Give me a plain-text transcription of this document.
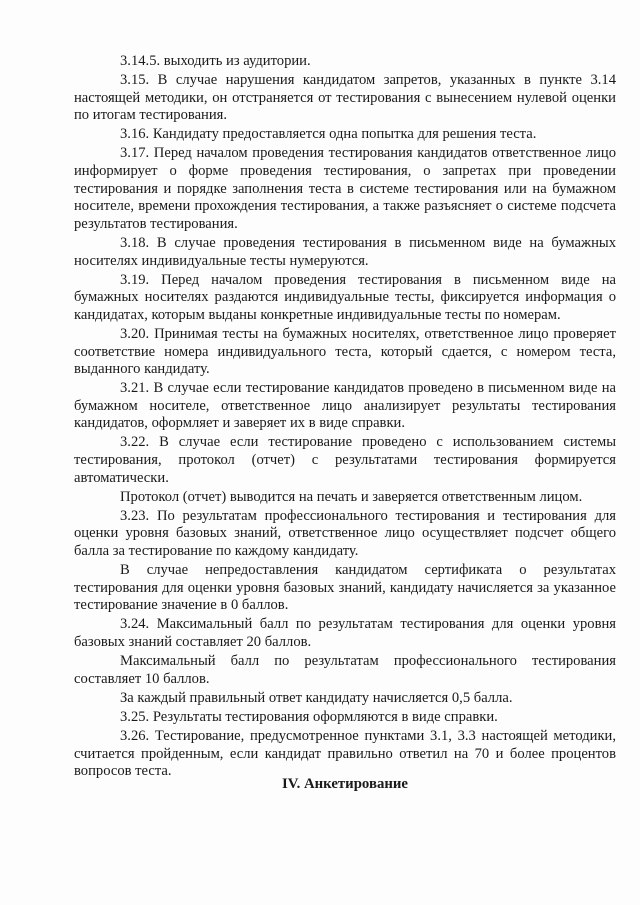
3.14.5. выходить из аудитории.

3.15. В случае нарушения кандидатом запретов, указанных в пункте 3.14 настоящей методики, он отстраняется от тестирования с вынесением нулевой оценки по итогам тестирования.

3.16. Кандидату предоставляется одна попытка для решения теста.

3.17. Перед началом проведения тестирования кандидатов ответственное лицо информирует о форме проведения тестирования, о запретах при проведении тестирования и порядке заполнения теста в системе тестирования или на бумажном носителе, времени прохождения тестирования, а также разъясняет о системе подсчета результатов тестирования.

3.18. В случае проведения тестирования в письменном виде на бумажных носителях индивидуальные тесты нумеруются.

3.19. Перед началом проведения тестирования в письменном виде на бумажных носителях раздаются индивидуальные тесты, фиксируется информация о кандидатах, которым выданы конкретные индивидуальные тесты по номерам.

3.20. Принимая тесты на бумажных носителях, ответственное лицо проверяет соответствие номера индивидуального теста, который сдается, с номером теста, выданного кандидату.

3.21. В случае если тестирование кандидатов проведено в письменном виде на бумажном носителе, ответственное лицо анализирует результаты тестирования кандидатов, оформляет и заверяет их в виде справки.

3.22. В случае если тестирование проведено с использованием системы тестирования, протокол (отчет) с результатами тестирования формируется автоматически.

Протокол (отчет) выводится на печать и заверяется ответственным лицом.

3.23. По результатам профессионального тестирования и тестирования для оценки уровня базовых знаний, ответственное лицо осуществляет подсчет общего балла за тестирование по каждому кандидату.

В случае непредоставления кандидатом сертификата о результатах тестирования для оценки уровня базовых знаний, кандидату начисляется за указанное тестирование значение в 0 баллов.

3.24. Максимальный балл по результатам тестирования для оценки уровня базовых знаний составляет 20 баллов.

Максимальный балл по результатам профессионального тестирования составляет 10 баллов.

За каждый правильный ответ кандидату начисляется 0,5 балла.

3.25. Результаты тестирования оформляются в виде справки.

3.26. Тестирование, предусмотренное пунктами 3.1, 3.3 настоящей методики, считается пройденным, если кандидат правильно ответил на 70 и более процентов вопросов теста.

IV. Анкетирование
